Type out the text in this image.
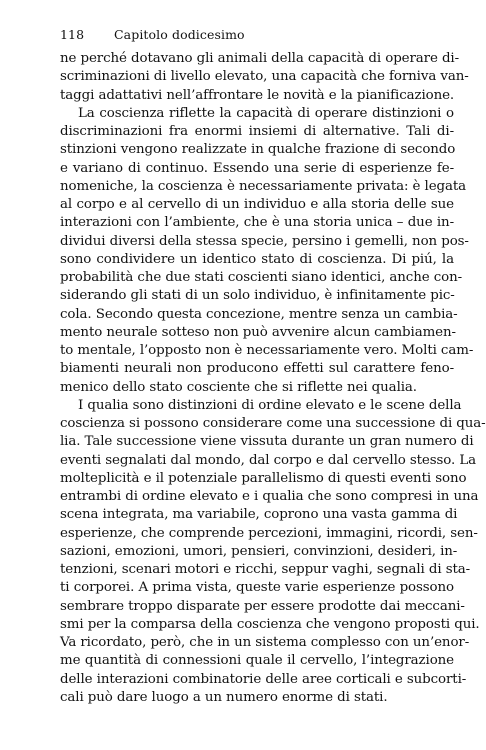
118 Capitolo dodicesimo
ne perché dotavano gli animali della capacità di operare di-
scriminazioni di livello elevato, una capacità che forniva van-
taggi adattativi nell’affrontare le novità e la pianificazione.
La coscienza riflette la capacità di operare distinzioni o
discriminazioni fra enormi insiemi di alternative. Tali di-
stinzioni vengono realizzate in qualche frazione di secondo
e variano di continuo. Essendo una serie di esperienze fe-
nomeniche, la coscienza è necessariamente privata: è legata
al corpo e al cervello di un individuo e alla storia delle sue
interazioni con l’ambiente, che è una storia unica – due in-
dividui diversi della stessa specie, persino i gemelli, non pos-
sono condividere un identico stato di coscienza. Di piú, la
probabilità che due stati coscienti siano identici, anche con-
siderando gli stati di un solo individuo, è infinitamente pic-
cola. Secondo questa concezione, mentre senza un cambia-
mento neurale sotteso non può avvenire alcun cambiamen-
to mentale, l’opposto non è necessariamente vero. Molti cam-
biamenti neurali non producono effetti sul carattere feno-
menico dello stato cosciente che si riflette nei qualia.
I qualia sono distinzioni di ordine elevato e le scene della
coscienza si possono considerare come una successione di qua-
lia. Tale successione viene vissuta durante un gran numero di
eventi segnalati dal mondo, dal corpo e dal cervello stesso. La
molteplicità e il potenziale parallelismo di questi eventi sono
entrambi di ordine elevato e i qualia che sono compresi in una
scena integrata, ma variabile, coprono una vasta gamma di
esperienze, che comprende percezioni, immagini, ricordi, sen-
sazioni, emozioni, umori, pensieri, convinzioni, desideri, in-
tenzioni, scenari motori e ricchi, seppur vaghi, segnali di sta-
ti corporei. A prima vista, queste varie esperienze possono
sembrare troppo disparate per essere prodotte dai meccani-
smi per la comparsa della coscienza che vengono proposti qui.
Va ricordato, però, che in un sistema complesso con un’enor-
me quantità di connessioni quale il cervello, l’integrazione
delle interazioni combinatorie delle aree corticali e subcorti-
cali può dare luogo a un numero enorme di stati.
